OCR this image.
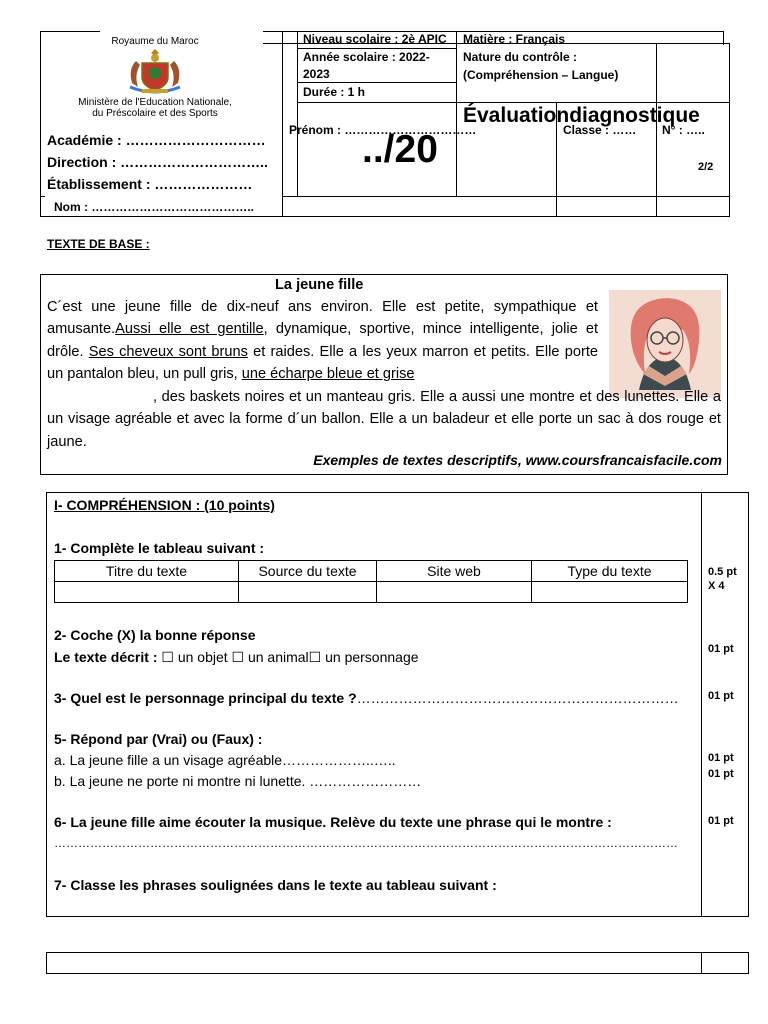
Royaume du Maroc
Ministère de l'Education Nationale,
du Préscolaire et des Sports
Académie : …………………………
Direction : …………………………..
Établissement : …………………
Nom : …………………………………..
Niveau scolaire : 2è APIC Matière : Français
Année scolaire : 2022-
2023
Nature du contrôle :
(Compréhension – Langue)
Durée : 1 h
Évaluationdiagnostique
Prénom : ……………………………
../20	Classe : …… N° : …..
2/2
TEXTE DE BASE :
La jeune fille

C´est une jeune fille de dix-neuf ans environ. Elle est petite, sympathique et amusante.Aussi elle est gentille, dynamique, sportive, mince intelligente, jolie et drôle. Ses cheveux sont bruns et raides. Elle a les yeux marron et petits. Elle porte un pantalon bleu, un pull gris, une écharpe bleue et grise

, des baskets noires et un manteau gris. Elle a aussi une montre et des lunettes. Elle a un visage agréable et avec la forme d´un ballon. Elle a un baladeur et elle porte un sac à dos rouge et jaune.

Exemples de textes descriptifs, www.coursfrancaisfacile.com
I- COMPRÉHENSION : (10 points)
1- Complète le tableau suivant :
Titre du texte	Source du texte	Site web	Type du texte
				0.5 pt
X 4
2- Coche (X) la bonne réponse
Le texte décrit : ☐ un objet ☐ un animal☐ un personnage	01 pt
3- Quel est le personnage principal du texte ?……………………………………………………………	01 pt
5- Répond par (Vrai) ou (Faux) :
a. La jeune fille a un visage agréable………………..…..
b. La jeune ne porte ni montre ni lunette. ……………………
01 pt
01 pt
6- La jeune fille aime écouter la musique. Relève du texte une phrase qui le montre :
…………………………………………………………………………………………………………………………………………
01 pt
7- Classe les phrases soulignées dans le texte au tableau suivant :
